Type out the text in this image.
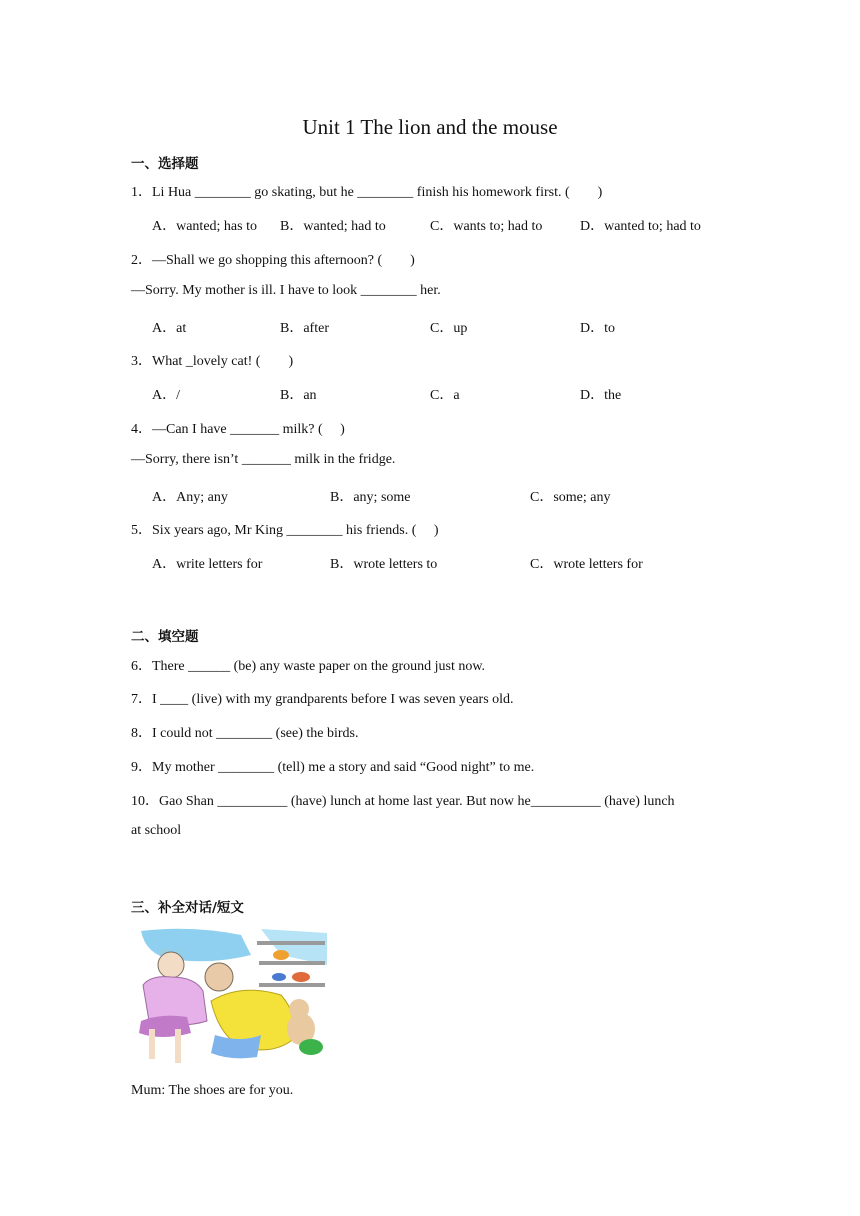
Unit 1 The lion and the mouse
一、选择题
1．Li Hua ________ go skating, but he ________ finish his homework first. (　　)
A．wanted; has to B．wanted; had to	C．wants to; had to	D．wanted to; had to
2．—Shall we go shopping this afternoon? (　　)
—Sorry. My mother is ill. I have to look ________ her.
A．at	B．after	C．up	D．to
3．What _lovely cat! (　　)
A．/	B．an	C．a	D．the
4．—Can I have _______ milk? (　 )
—Sorry, there isn’t _______ milk in the fridge.
A．Any; any	B．any; some	C．some; any
5．Six years ago, Mr King ________ his friends. (　 )
A．write letters for	B．wrote letters to	C．wrote letters for
二、填空题
6．There ______ (be) any waste paper on the ground just now.
7．I ____ (live) with my grandparents before I was seven years old.
8．I could not ________ (see) the birds.
9．My mother ________ (tell) me a story and said “Good night” to me.
10．Gao Shan __________ (have) lunch at home last year. But now he__________ (have) lunch
at school
三、补全对话/短文
Mum: The shoes are for you.
